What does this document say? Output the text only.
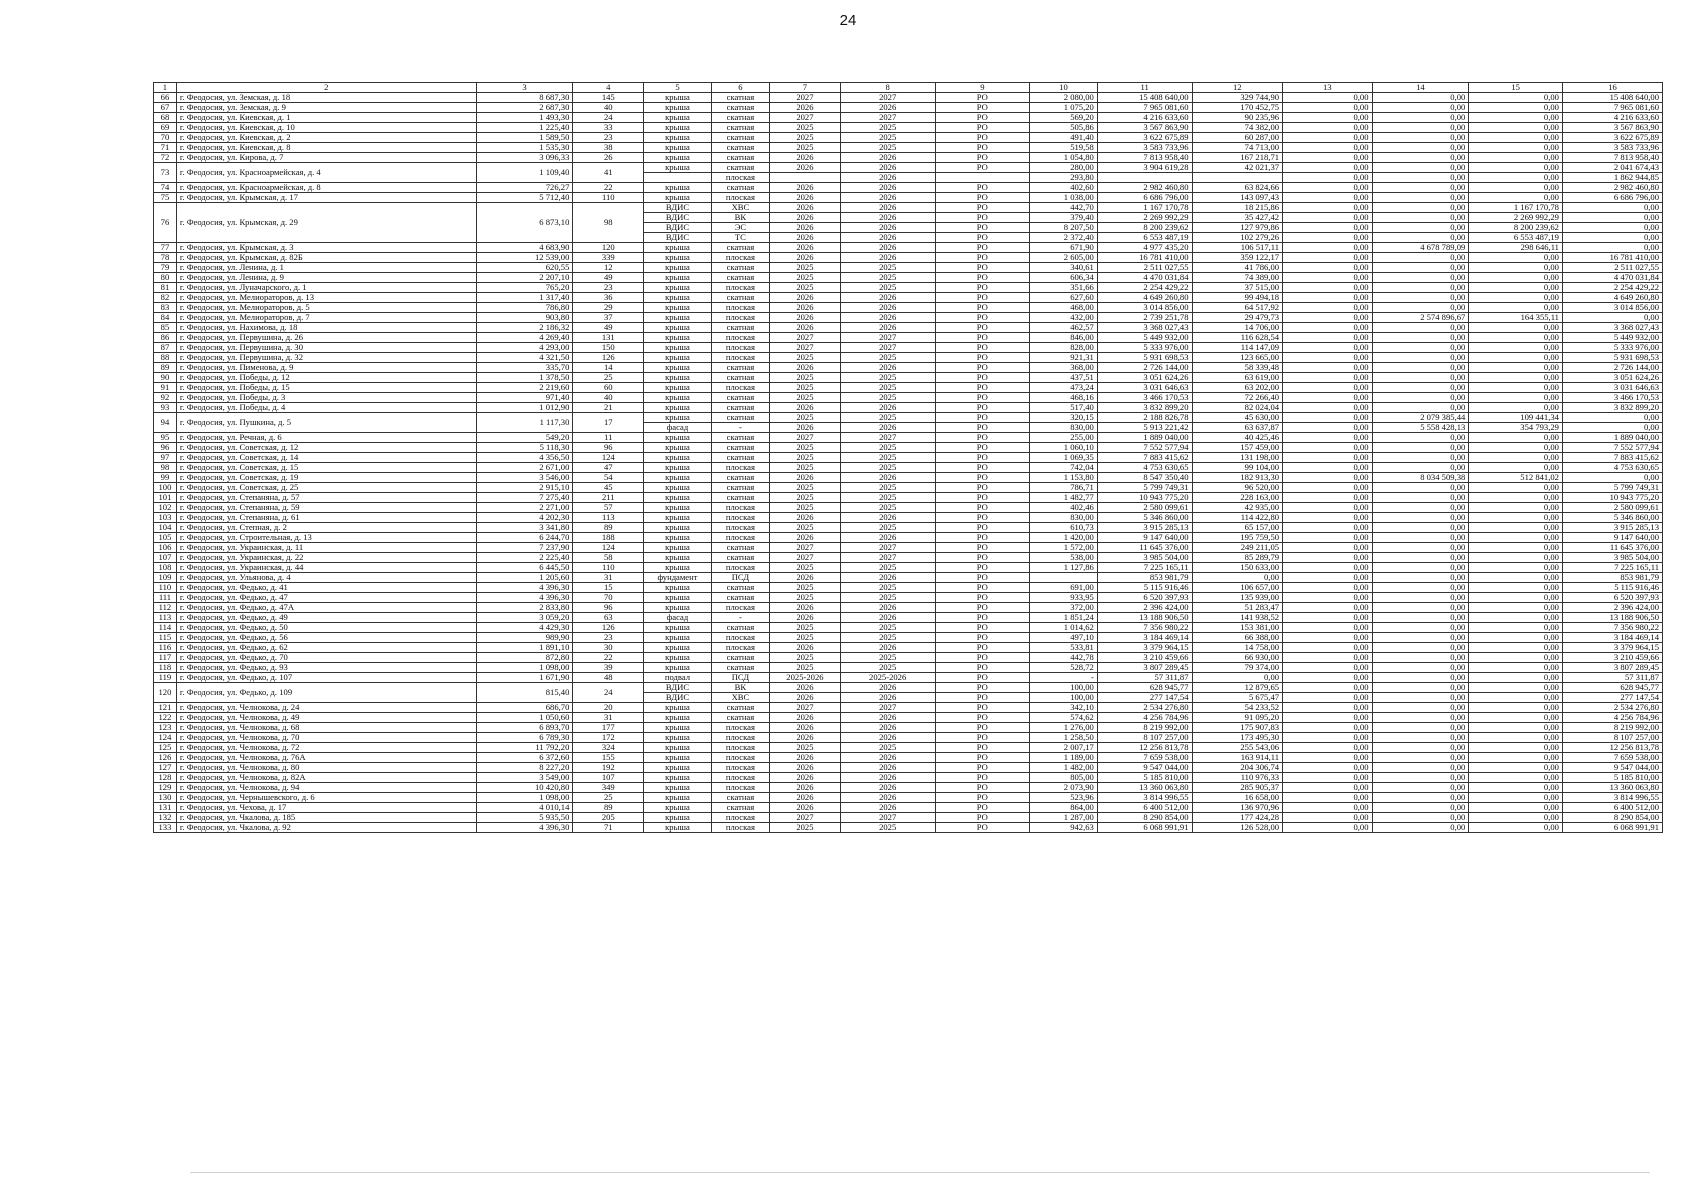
24
1	2	3	4	5	6	7	8	9	10	11	12	13	14	15	16
66	г. Феодосия, ул. Земская, д. 18	8 687,30	145	крыша	скатная	2027	2027	РО	2 080,00	15 408 640,00	329 744,90	0,00	0,00	0,00	15 408 640,00
67	г. Феодосия, ул. Земская, д. 9	2 687,30	40	крыша	скатная	2026	2026	РО	1 075,20	7 965 081,60	170 452,75	0,00	0,00	0,00	7 965 081,60
68	г. Феодосия, ул. Киевская, д. 1	1 493,30	24	крыша	скатная	2027	2027	РО	569,20	4 216 633,60	90 235,96	0,00	0,00	0,00	4 216 633,60
69	г. Феодосия, ул. Киевская, д. 10	1 225,40	33	крыша	скатная	2025	2025	РО	505,86	3 567 863,90	74 382,00	0,00	0,00	0,00	3 567 863,90
70	г. Феодосия, ул. Киевская, д. 2	1 589,50	23	крыша	скатная	2025	2025	РО	491,40	3 622 675,89	60 287,00	0,00	0,00	0,00	3 622 675,89
71	г. Феодосия, ул. Киевская, д. 8	1 535,30	38	крыша	скатная	2025	2025	РО	519,58	3 583 733,96	74 713,00	0,00	0,00	0,00	3 583 733,96
72	г. Феодосия, ул. Кирова, д. 7	3 096,33	26	крыша	скатная	2026	2026	РО	1 054,80	7 813 958,40	167 218,71	0,00	0,00	0,00	7 813 958,40
73	г. Феодосия, ул. Красноармейская, д. 4	1 109,40	41	крыша	скатная	2026	2026	РО	280,00	3 904 619,28	42 021,37	0,00	0,00	0,00	2 041 674,43
					плоская		2026		293,80			0,00	0,00	0,00	1 862 944,85
74	г. Феодосия, ул. Красноармейская, д. 8	726,27	22	крыша	скатная	2026	2026	РО	402,60	2 982 460,80	63 824,66	0,00	0,00	0,00	2 982 460,80
75	г. Феодосия, ул. Крымская, д. 17	5 712,40	110	крыша	плоская	2026	2026	РО	1 038,00	6 686 796,00	143 097,43	0,00	0,00	0,00	6 686 796,00
76	г. Феодосия, ул. Крымская, д. 29	6 873,10	98	ВДИС	ХВС	2026	2026	РО	442,70	1 167 170,78	18 215,86	0,00	0,00	1 167 170,78	0,00
				ВДИС	ВК	2026	2026	РО	379,40	2 269 992,29	35 427,42	0,00	0,00	2 269 992,29	0,00
				ВДИС	ЭС	2026	2026	РО	8 207,50	8 200 239,62	127 979,86	0,00	0,00	8 200 239,62	0,00
				ВДИС	ТС	2026	2026	РО	2 372,40	6 553 487,19	102 279,26	0,00	0,00	6 553 487,19	0,00
77	г. Феодосия, ул. Крымская, д. 3	4 683,90	120	крыша	скатная	2026	2026	РО	671,90	4 977 435,20	106 517,11	0,00	4 678 789,09	298 646,11	0,00
78	г. Феодосия, ул. Крымская, д. 82Б	12 539,00	339	крыша	плоская	2026	2026	РО	2 605,00	16 781 410,00	359 122,17	0,00	0,00	0,00	16 781 410,00
79	г. Феодосия, ул. Ленина, д. 1	620,55	12	крыша	скатная	2025	2025	РО	340,61	2 511 027,55	41 786,00	0,00	0,00	0,00	2 511 027,55
80	г. Феодосия, ул. Ленина, д. 9	2 207,10	49	крыша	скатная	2025	2025	РО	606,34	4 470 031,84	74 389,00	0,00	0,00	0,00	4 470 031,84
81	г. Феодосия, ул. Луначарского, д. 1	765,20	23	крыша	плоская	2025	2025	РО	351,66	2 254 429,22	37 515,00	0,00	0,00	0,00	2 254 429,22
82	г. Феодосия, ул. Мелиораторов, д. 13	1 317,40	36	крыша	скатная	2026	2026	РО	627,60	4 649 260,80	99 494,18	0,00	0,00	0,00	4 649 260,80
83	г. Феодосия, ул. Мелиораторов, д. 5	786,80	29	крыша	плоская	2026	2026	РО	468,00	3 014 856,00	64 517,92	0,00	0,00	0,00	3 014 856,00
84	г. Феодосия, ул. Мелиораторов, д. 7	903,80	37	крыша	плоская	2026	2026	РО	432,00	2 739 251,78	29 479,73	0,00	2 574 896,67	164 355,11	0,00
85	г. Феодосия, ул. Нахимова, д. 18	2 186,32	49	крыша	скатная	2026	2026	РО	462,57	3 368 027,43	14 706,00	0,00	0,00	0,00	3 368 027,43
86	г. Феодосия, ул. Первушина, д. 26	4 269,40	131	крыша	плоская	2027	2027	РО	846,00	5 449 932,00	116 628,54	0,00	0,00	0,00	5 449 932,00
87	г. Феодосия, ул. Первушина, д. 30	4 293,00	150	крыша	плоская	2027	2027	РО	828,00	5 333 976,00	114 147,09	0,00	0,00	0,00	5 333 976,00
88	г. Феодосия, ул. Первушина, д. 32	4 321,50	126	крыша	плоская	2025	2025	РО	921,31	5 931 698,53	123 665,00	0,00	0,00	0,00	5 931 698,53
89	г. Феодосия, ул. Пименова, д. 9	335,70	14	крыша	скатная	2026	2026	РО	368,00	2 726 144,00	58 339,48	0,00	0,00	0,00	2 726 144,00
90	г. Феодосия, ул. Победы, д. 12	1 378,50	25	крыша	скатная	2025	2025	РО	437,51	3 051 624,26	63 619,00	0,00	0,00	0,00	3 051 624,26
91	г. Феодосия, ул. Победы, д. 15	2 219,60	60	крыша	плоская	2025	2025	РО	473,24	3 031 646,63	63 202,00	0,00	0,00	0,00	3 031 646,63
92	г. Феодосия, ул. Победы, д. 3	971,40	40	крыша	скатная	2025	2025	РО	468,16	3 466 170,53	72 266,40	0,00	0,00	0,00	3 466 170,53
93	г. Феодосия, ул. Победы, д. 4	1 012,90	21	крыша	скатная	2026	2026	РО	517,40	3 832 899,20	82 024,04	0,00	0,00	0,00	3 832 899,20
94	г. Феодосия, ул. Пушкина, д. 5	1 117,30	17	крыша	скатная	2025	2025	РО	320,15	2 188 826,78	45 630,00	0,00	2 079 385,44	109 441,34	0,00
				фасад	-	2026	2026	РО	830,00	5 913 221,42	63 637,87	0,00	5 558 428,13	354 793,29	0,00
95	г. Феодосия, ул. Речная, д. 6	549,20	11	крыша	скатная	2027	2027	РО	255,00	1 889 040,00	40 425,46	0,00	0,00	0,00	1 889 040,00
96	г. Феодосия, ул. Советская, д. 12	5 118,30	96	крыша	скатная	2025	2025	РО	1 060,10	7 552 577,94	157 459,00	0,00	0,00	0,00	7 552 577,94
97	г. Феодосия, ул. Советская, д. 14	4 356,50	124	крыша	скатная	2025	2025	РО	1 069,35	7 883 415,62	131 198,00	0,00	0,00	0,00	7 883 415,62
98	г. Феодосия, ул. Советская, д. 15	2 671,00	47	крыша	плоская	2025	2025	РО	742,04	4 753 630,65	99 104,00	0,00	0,00	0,00	4 753 630,65
99	г. Феодосия, ул. Советская, д. 19	3 546,00	54	крыша	скатная	2026	2026	РО	1 153,80	8 547 350,40	182 913,30	0,00	8 034 509,38	512 841,02	0,00
100	г. Феодосия, ул. Советская, д. 25	2 915,10	45	крыша	скатная	2025	2025	РО	786,71	5 799 749,31	96 520,00	0,00	0,00	0,00	5 799 749,31
101	г. Феодосия, ул. Степаняна, д. 57	7 275,40	211	крыша	скатная	2025	2025	РО	1 482,77	10 943 775,20	228 163,00	0,00	0,00	0,00	10 943 775,20
102	г. Феодосия, ул. Степаняна, д. 59	2 271,00	57	крыша	плоская	2025	2025	РО	402,46	2 580 099,61	42 935,00	0,00	0,00	0,00	2 580 099,61
103	г. Феодосия, ул. Степаняна, д. 61	4 202,30	113	крыша	плоская	2026	2026	РО	830,00	5 346 860,00	114 422,80	0,00	0,00	0,00	5 346 860,00
104	г. Феодосия, ул. Степная, д. 2	3 341,80	89	крыша	плоская	2025	2025	РО	610,73	3 915 285,13	65 157,00	0,00	0,00	0,00	3 915 285,13
105	г. Феодосия, ул. Строительная, д. 13	6 244,70	188	крыша	плоская	2026	2026	РО	1 420,00	9 147 640,00	195 759,50	0,00	0,00	0,00	9 147 640,00
106	г. Феодосия, ул. Украинская, д. 11	7 237,90	124	крыша	скатная	2027	2027	РО	1 572,00	11 645 376,00	249 211,05	0,00	0,00	0,00	11 645 376,00
107	г. Феодосия, ул. Украинская, д. 22	2 225,40	58	крыша	скатная	2027	2027	РО	538,00	3 985 504,00	85 289,79	0,00	0,00	0,00	3 985 504,00
108	г. Феодосия, ул. Украинская, д. 44	6 445,50	110	крыша	плоская	2025	2025	РО	1 127,86	7 225 165,11	150 633,00	0,00	0,00	0,00	7 225 165,11
109	г. Феодосия, ул. Ульянова, д. 4	1 205,60	31	фундамент	ПСД	2026	2026	РО		853 981,79	0,00	0,00	0,00	0,00	853 981,79
110	г. Феодосия, ул. Федько, д. 41	4 396,30	15	крыша	скатная	2025	2025	РО	691,00	5 115 916,46	106 657,00	0,00	0,00	0,00	5 115 916,46
111	г. Феодосия, ул. Федько, д. 47	4 396,30	70	крыша	скатная	2025	2025	РО	933,95	6 520 397,93	135 939,00	0,00	0,00	0,00	6 520 397,93
112	г. Феодосия, ул. Федько, д. 47А	2 833,80	96	крыша	плоская	2026	2026	РО	372,00	2 396 424,00	51 283,47	0,00	0,00	0,00	2 396 424,00
113	г. Феодосия, ул. Федько, д. 49	3 059,20	63	фасад	-	2026	2026	РО	1 851,24	13 188 906,50	141 938,52	0,00	0,00	0,00	13 188 906,50
114	г. Феодосия, ул. Федько, д. 50	4 429,30	126	крыша	скатная	2025	2025	РО	1 014,62	7 356 980,22	153 381,00	0,00	0,00	0,00	7 356 980,22
115	г. Феодосия, ул. Федько, д. 56	989,90	23	крыша	плоская	2025	2025	РО	497,10	3 184 469,14	66 388,00	0,00	0,00	0,00	3 184 469,14
116	г. Феодосия, ул. Федько, д. 62	1 891,10	30	крыша	плоская	2026	2026	РО	533,81	3 379 964,15	14 758,00	0,00	0,00	0,00	3 379 964,15
117	г. Феодосия, ул. Федько, д. 70	872,80	22	крыша	скатная	2025	2025	РО	442,78	3 210 459,66	66 930,00	0,00	0,00	0,00	3 210 459,66
118	г. Феодосия, ул. Федько, д. 93	1 098,00	39	крыша	скатная	2025	2025	РО	528,72	3 807 289,45	79 374,00	0,00	0,00	0,00	3 807 289,45
119	г. Феодосия, ул. Федько, д. 107	1 671,90	48	подвал	ПСД	2025-2026	2025-2026	РО	-	57 311,87	0,00	0,00	0,00	0,00	57 311,87
120	г. Феодосия, ул. Федько, д. 109	815,40	24	ВДИС	ВК	2026	2026	РО	100,00	628 945,77	12 879,65	0,00	0,00	0,00	628 945,77
				ВДИС	ХВС	2026	2026	РО	100,00	277 147,54	5 675,47	0,00	0,00	0,00	277 147,54
121	г. Феодосия, ул. Челнокова, д. 24	686,70	20	крыша	скатная	2027	2027	РО	342,10	2 534 276,80	54 233,52	0,00	0,00	0,00	2 534 276,80
122	г. Феодосия, ул. Челнокова, д. 49	1 050,60	31	крыша	скатная	2026	2026	РО	574,62	4 256 784,96	91 095,20	0,00	0,00	0,00	4 256 784,96
123	г. Феодосия, ул. Челнокова, д. 68	6 893,70	177	крыша	плоская	2026	2026	РО	1 276,00	8 219 992,00	175 907,83	0,00	0,00	0,00	8 219 992,00
124	г. Феодосия, ул. Челнокова, д. 70	6 789,30	172	крыша	плоская	2026	2026	РО	1 258,50	8 107 257,00	173 495,30	0,00	0,00	0,00	8 107 257,00
125	г. Феодосия, ул. Челнокова, д. 72	11 792,20	324	крыша	плоская	2025	2025	РО	2 007,17	12 256 813,78	255 543,06	0,00	0,00	0,00	12 256 813,78
126	г. Феодосия, ул. Челнокова, д. 76А	6 372,60	155	крыша	плоская	2026	2026	РО	1 189,00	7 659 538,00	163 914,11	0,00	0,00	0,00	7 659 538,00
127	г. Феодосия, ул. Челнокова, д. 80	8 227,20	192	крыша	плоская	2026	2026	РО	1 482,00	9 547 044,00	204 306,74	0,00	0,00	0,00	9 547 044,00
128	г. Феодосия, ул. Челнокова, д. 82А	3 549,00	107	крыша	плоская	2026	2026	РО	805,00	5 185 810,00	110 976,33	0,00	0,00	0,00	5 185 810,00
129	г. Феодосия, ул. Челнокова, д. 94	10 420,80	349	крыша	плоская	2026	2026	РО	2 073,90	13 360 063,80	285 905,37	0,00	0,00	0,00	13 360 063,80
130	г. Феодосия, ул. Чернышевского, д. 6	1 098,00	25	крыша	скатная	2026	2026	РО	523,96	3 814 996,55	16 658,00	0,00	0,00	0,00	3 814 996,55
131	г. Феодосия, ул. Чехова, д. 17	4 010,14	89	крыша	скатная	2026	2026	РО	864,00	6 400 512,00	136 970,96	0,00	0,00	0,00	6 400 512,00
132	г. Феодосия, ул. Чкалова, д. 185	5 935,50	205	крыша	плоская	2027	2027	РО	1 287,00	8 290 854,00	177 424,28	0,00	0,00	0,00	8 290 854,00
133	г. Феодосия, ул. Чкалова, д. 92	4 396,30	71	крыша	плоская	2025	2025	РО	942,63	6 068 991,91	126 528,00	0,00	0,00	0,00	6 068 991,91
